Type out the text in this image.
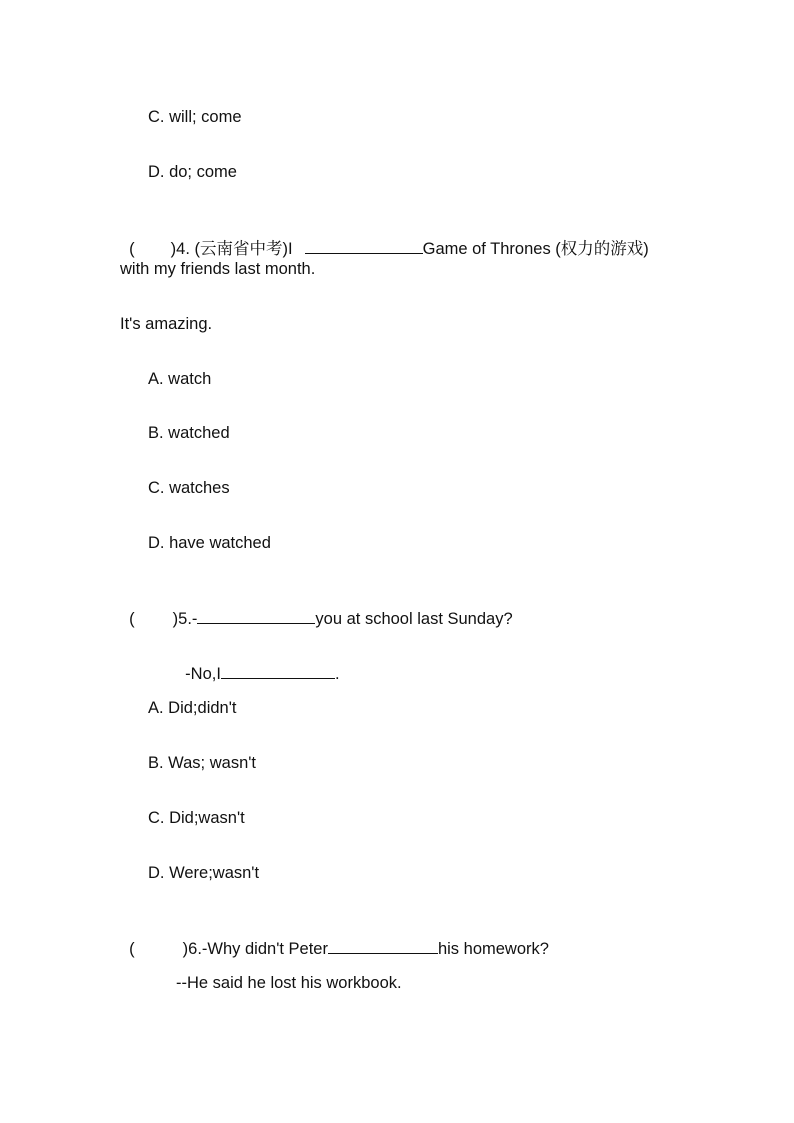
C. will; come
D. do; come

( )4. (云南省中考)I	Game of Thrones (权力的游戏)

with my friends last month.
It's amazing.
A. watch
B. watched
C. watches
D. have watched

( )5.-	you at school last Sunday?

-No,I	.

A. Did;didn't
B. Was; wasn't
C. Did;wasn't
D. Were;wasn't

(	)6.-Why didn't Peter	his homework?

--He said he lost his workbook.
